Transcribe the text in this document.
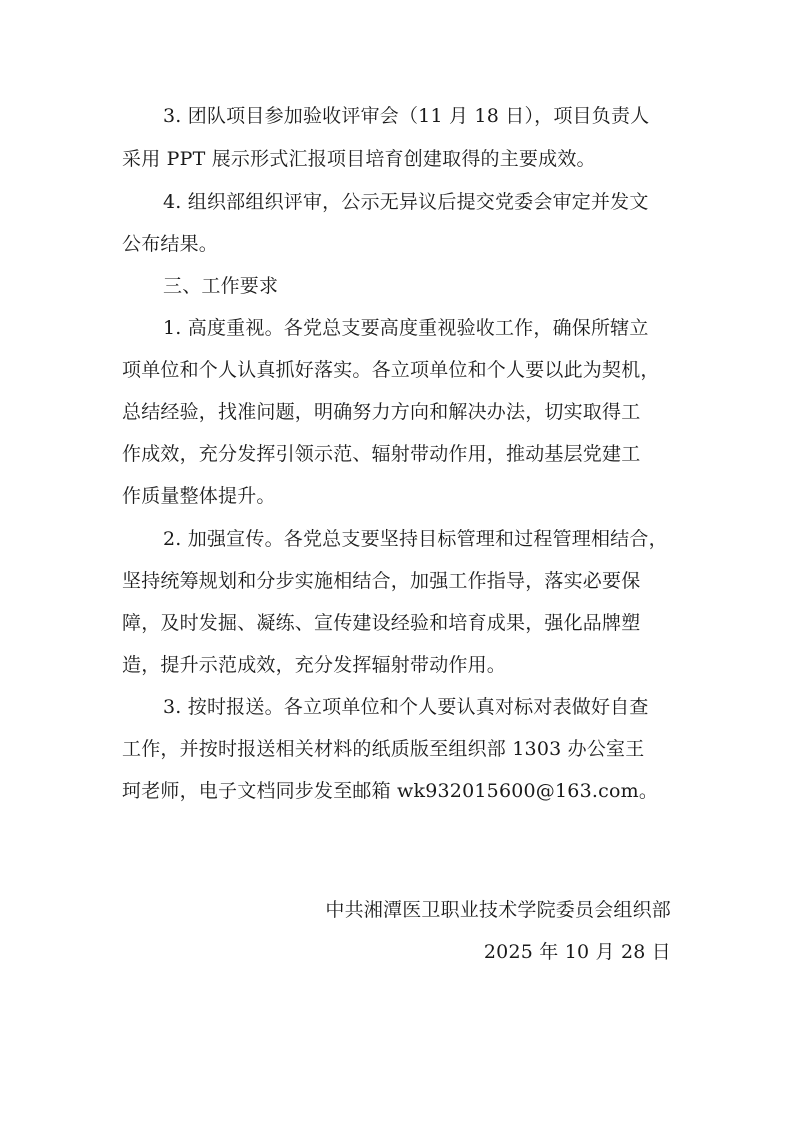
3. 团队项目参加验收评审会（11 月 18 日），项目负责人
采用 PPT 展示形式汇报项目培育创建取得的主要成效。
4. 组织部组织评审，公示无异议后提交党委会审定并发文
公布结果。
三、工作要求
1. 高度重视。各党总支要高度重视验收工作，确保所辖立
项单位和个人认真抓好落实。各立项单位和个人要以此为契机，
总结经验，找准问题，明确努力方向和解决办法，切实取得工
作成效，充分发挥引领示范、辐射带动作用，推动基层党建工
作质量整体提升。
2. 加强宣传。各党总支要坚持目标管理和过程管理相结合，
坚持统筹规划和分步实施相结合，加强工作指导，落实必要保
障，及时发掘、凝练、宣传建设经验和培育成果，强化品牌塑
造，提升示范成效，充分发挥辐射带动作用。
3. 按时报送。各立项单位和个人要认真对标对表做好自查
工作，并按时报送相关材料的纸质版至组织部 1303 办公室王
珂老师，电子文档同步发至邮箱 wk932015600@163.com。
中共湘潭医卫职业技术学院委员会组织部
2025 年 10 月 28 日
